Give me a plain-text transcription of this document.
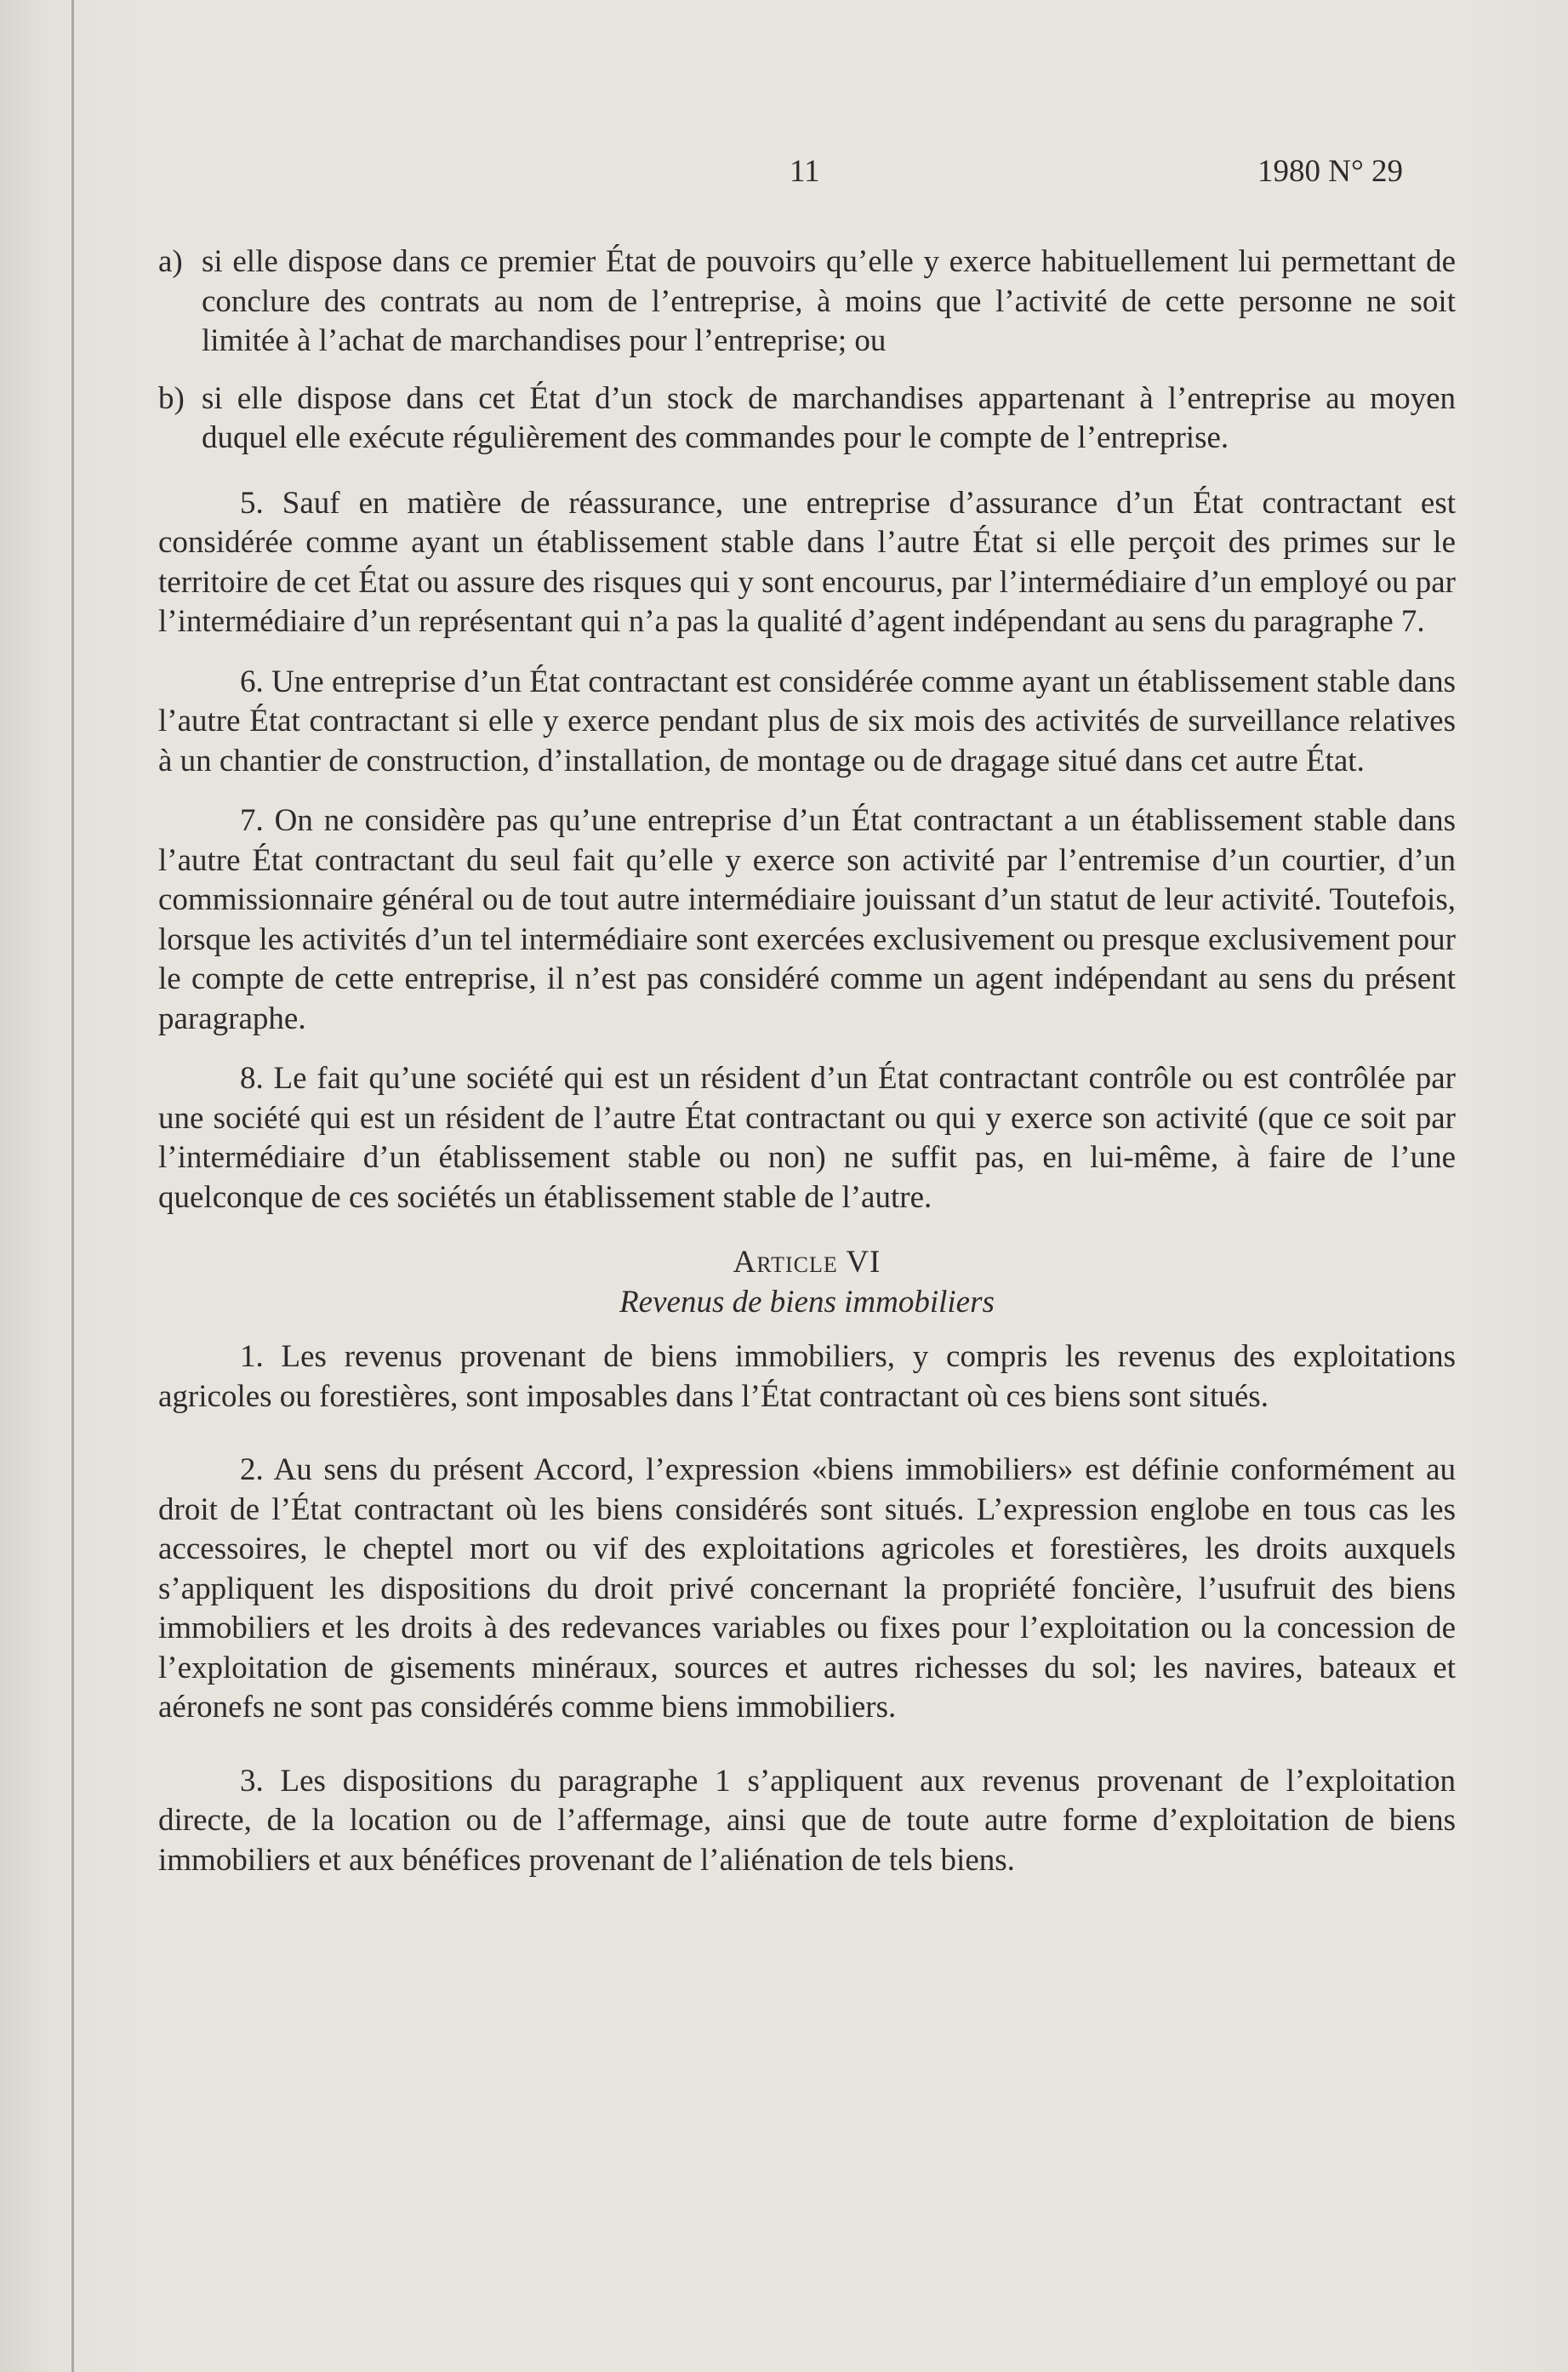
11	1980 N° 29
a) si elle dispose dans ce premier État de pouvoirs qu’elle y exerce habituellement lui permettant de conclure des contrats au nom de l’entreprise, à moins que l’activité de cette personne ne soit limitée à l’achat de marchandises pour l’entreprise; ou
b) si elle dispose dans cet État d’un stock de marchandises appartenant à l’entreprise au moyen duquel elle exécute régulièrement des commandes pour le compte de l’entreprise.

5. Sauf en matière de réassurance, une entreprise d’assurance d’un État contractant est considérée comme ayant un établissement stable dans l’autre État si elle perçoit des primes sur le territoire de cet État ou assure des risques qui y sont encourus, par l’intermédiaire d’un employé ou par l’intermédiaire d’un représentant qui n’a pas la qualité d’agent indépendant au sens du paragraphe 7.

6. Une entreprise d’un État contractant est considérée comme ayant un établissement stable dans l’autre État contractant si elle y exerce pendant plus de six mois des activités de surveillance relatives à un chantier de construction, d’installation, de montage ou de dragage situé dans cet autre État.

7. On ne considère pas qu’une entreprise d’un État contractant a un établissement stable dans l’autre État contractant du seul fait qu’elle y exerce son activité par l’entremise d’un courtier, d’un commissionnaire général ou de tout autre intermédiaire jouissant d’un statut de leur activité. Toutefois, lorsque les activités d’un tel intermédiaire sont exercées exclusivement ou presque exclusivement pour le compte de cette entreprise, il n’est pas considéré comme un agent indépendant au sens du présent paragraphe.

8. Le fait qu’une société qui est un résident d’un État contractant contrôle ou est contrôlée par une société qui est un résident de l’autre État contractant ou qui y exerce son activité (que ce soit par l’intermédiaire d’un établissement stable ou non) ne suffit pas, en lui-même, à faire de l’une quelconque de ces sociétés un établissement stable de l’autre.

Article VI
Revenus de biens immobiliers

1. Les revenus provenant de biens immobiliers, y compris les revenus des exploitations agricoles ou forestières, sont imposables dans l’État contractant où ces biens sont situés.

2. Au sens du présent Accord, l’expression «biens immobiliers» est définie conformément au droit de l’État contractant où les biens considérés sont situés. L’expression englobe en tous cas les accessoires, le cheptel mort ou vif des exploitations agricoles et forestières, les droits auxquels s’appliquent les dispositions du droit privé concernant la propriété foncière, l’usufruit des biens immobiliers et les droits à des redevances variables ou fixes pour l’exploitation ou la concession de l’exploitation de gisements minéraux, sources et autres richesses du sol; les navires, bateaux et aéronefs ne sont pas considérés comme biens immobiliers.

3. Les dispositions du paragraphe 1 s’appliquent aux revenus provenant de l’exploitation directe, de la location ou de l’affermage, ainsi que de toute autre forme d’exploitation de biens immobiliers et aux bénéfices provenant de l’aliénation de tels biens.
